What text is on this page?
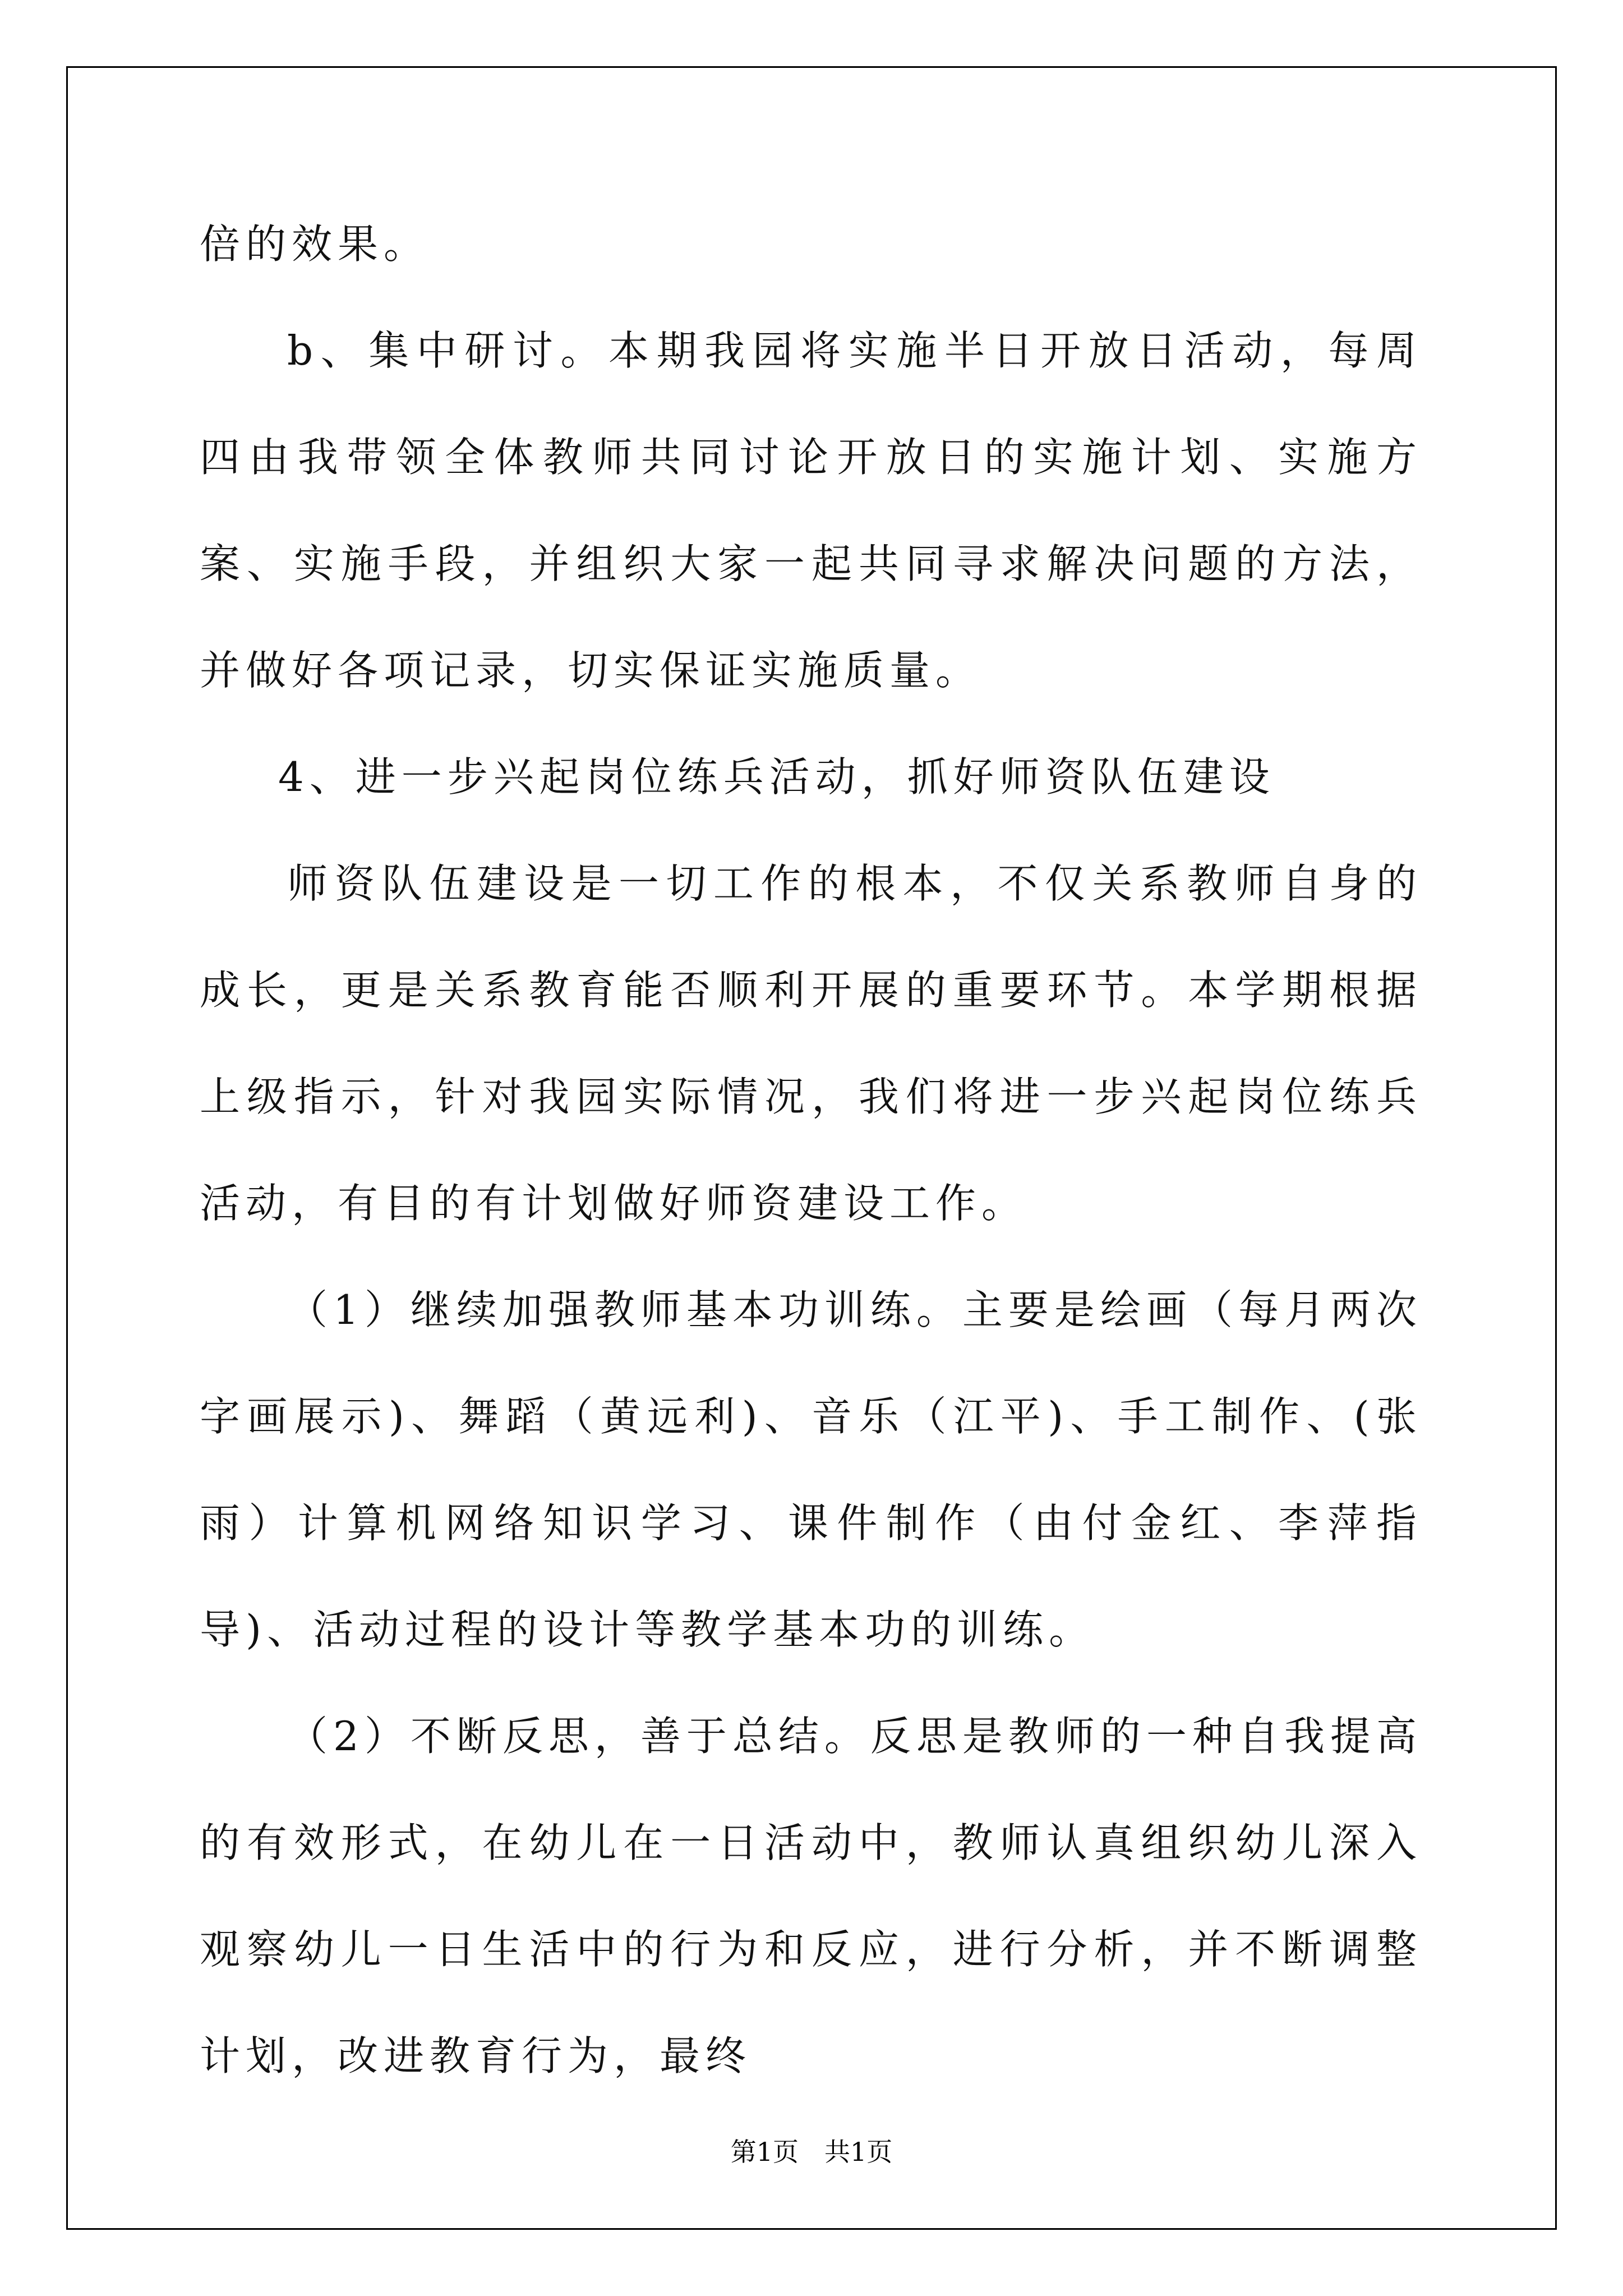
倍的效果。

b、集中研讨。本期我园将实施半日开放日活动，每周四由我带领全体教师共同讨论开放日的实施计划、实施方案、实施手段，并组织大家一起共同寻求解决问题的方法，并做好各项记录，切实保证实施质量。

4、进一步兴起岗位练兵活动，抓好师资队伍建设

师资队伍建设是一切工作的根本，不仅关系教师自身的成长，更是关系教育能否顺利开展的重要环节。本学期根据上级指示，针对我园实际情况，我们将进一步兴起岗位练兵活动，有目的有计划做好师资建设工作。

（1）继续加强教师基本功训练。主要是绘画（每月两次字画展示)、舞蹈（黄远利)、音乐（江平)、手工制作、(张雨）计算机网络知识学习、课件制作（由付金红、李萍指导)、活动过程的设计等教学基本功的训练。

（2）不断反思，善于总结。反思是教师的一种自我提高的有效形式，在幼儿在一日活动中，教师认真组织幼儿深入观察幼儿一日生活中的行为和反应，进行分析，并不断调整计划，改进教育行为，最终

第1页　共1页
